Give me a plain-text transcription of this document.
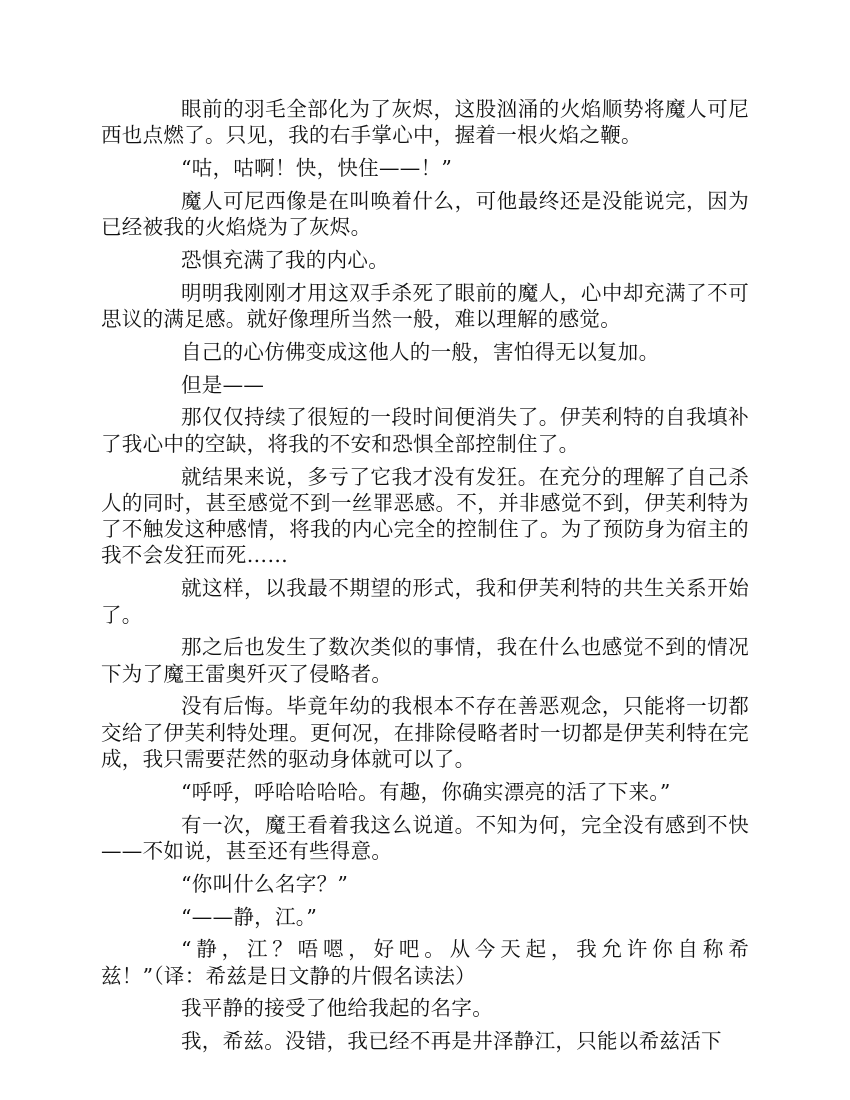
眼前的羽毛全部化为了灰烬，这股汹涌的火焰顺势将魔人可尼西也点燃了。只见，我的右手掌心中，握着一根火焰之鞭。

“咕，咕啊！快，快住——！”

魔人可尼西像是在叫唤着什么，可他最终还是没能说完，因为已经被我的火焰烧为了灰烬。

恐惧充满了我的内心。

明明我刚刚才用这双手杀死了眼前的魔人，心中却充满了不可思议的满足感。就好像理所当然一般，难以理解的感觉。

自己的心仿佛变成这他人的一般，害怕得无以复加。

但是——

那仅仅持续了很短的一段时间便消失了。伊芙利特的自我填补了我心中的空缺，将我的不安和恐惧全部控制住了。

就结果来说，多亏了它我才没有发狂。在充分的理解了自己杀人的同时，甚至感觉不到一丝罪恶感。不，并非感觉不到，伊芙利特为了不触发这种感情，将我的内心完全的控制住了。为了预防身为宿主的我不会发狂而死……

就这样，以我最不期望的形式，我和伊芙利特的共生关系开始了。

那之后也发生了数次类似的事情，我在什么也感觉不到的情况下为了魔王雷奥歼灭了侵略者。

没有后悔。毕竟年幼的我根本不存在善恶观念，只能将一切都交给了伊芙利特处理。更何况，在排除侵略者时一切都是伊芙利特在完成，我只需要茫然的驱动身体就可以了。

“呼呼，呼哈哈哈哈。有趣，你确实漂亮的活了下来。”

有一次，魔王看着我这么说道。不知为何，完全没有感到不快——不如说，甚至还有些得意。

“你叫什么名字？”

“——静，江。”

“静，江？唔嗯，好吧。从今天起，我允许你自称希兹！”（译：希兹是日文静的片假名读法）

我平静的接受了他给我起的名字。

我，希兹。没错，我已经不再是井泽静江，只能以希兹活下
